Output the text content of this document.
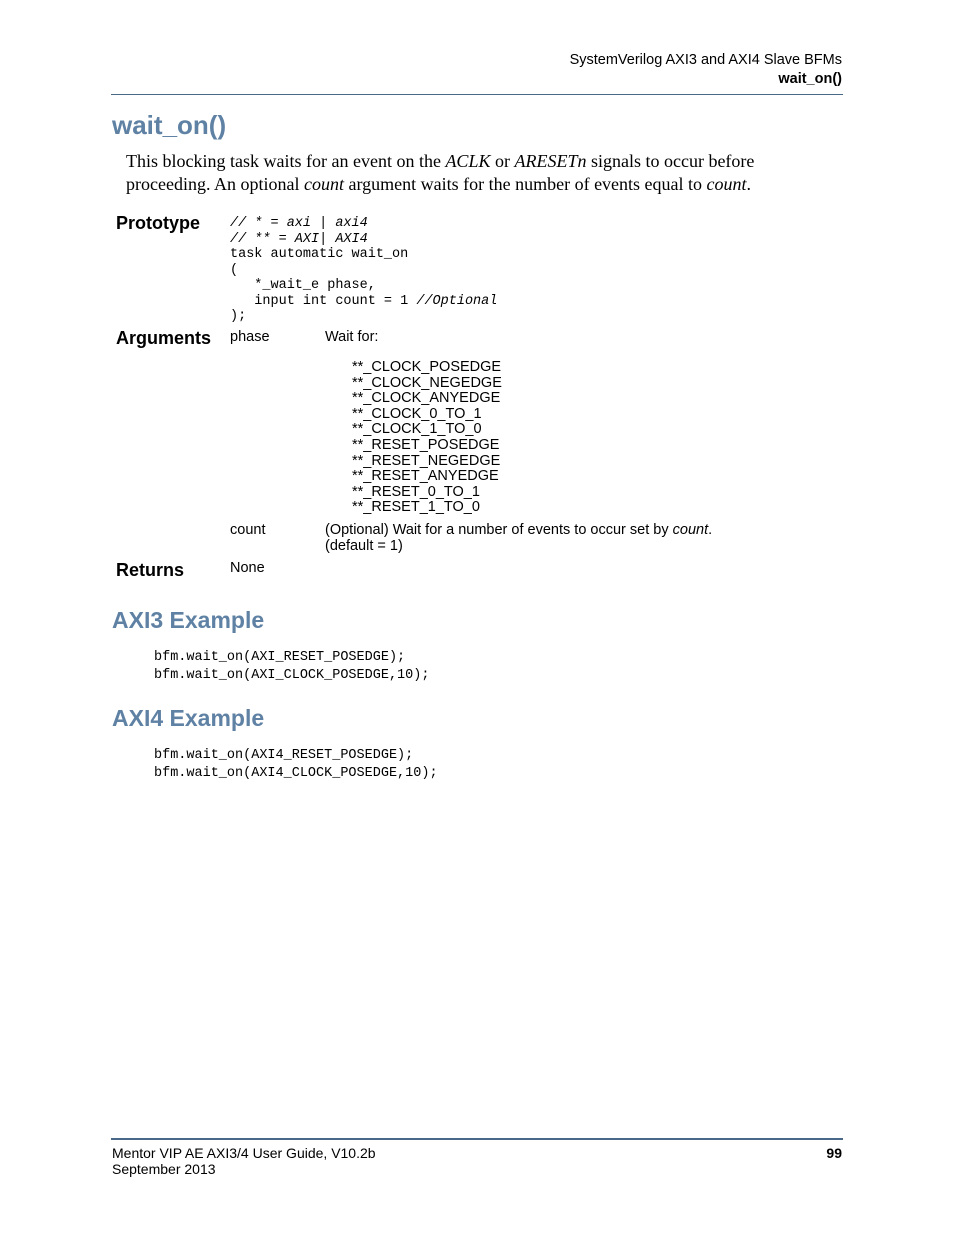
SystemVerilog AXI3 and AXI4 Slave BFMs
wait_on()
wait_on()
This blocking task waits for an event on the ACLK or ARESETn signals to occur before proceeding. An optional count argument waits for the number of events equal to count.
Prototype // * = axi | axi4
// ** = AXI| AXI4
task automatic wait_on
(
*_wait_e phase,
input int count = 1 //Optional
);
Arguments phase	Wait for:
**_CLOCK_POSEDGE
**_CLOCK_NEGEDGE
**_CLOCK_ANYEDGE
**_CLOCK_0_TO_1
**_CLOCK_1_TO_0
**_RESET_POSEDGE
**_RESET_NEGEDGE
**_RESET_ANYEDGE
**_RESET_0_TO_1
**_RESET_1_TO_0
count	(Optional) Wait for a number of events to occur set by count.
(default = 1)
Returns	None
AXI3 Example
bfm.wait_on(AXI_RESET_POSEDGE);
bfm.wait_on(AXI_CLOCK_POSEDGE,10);
AXI4 Example
bfm.wait_on(AXI4_RESET_POSEDGE);
bfm.wait_on(AXI4_CLOCK_POSEDGE,10);
Mentor VIP AE AXI3/4 User Guide, V10.2b
September 2013
99
